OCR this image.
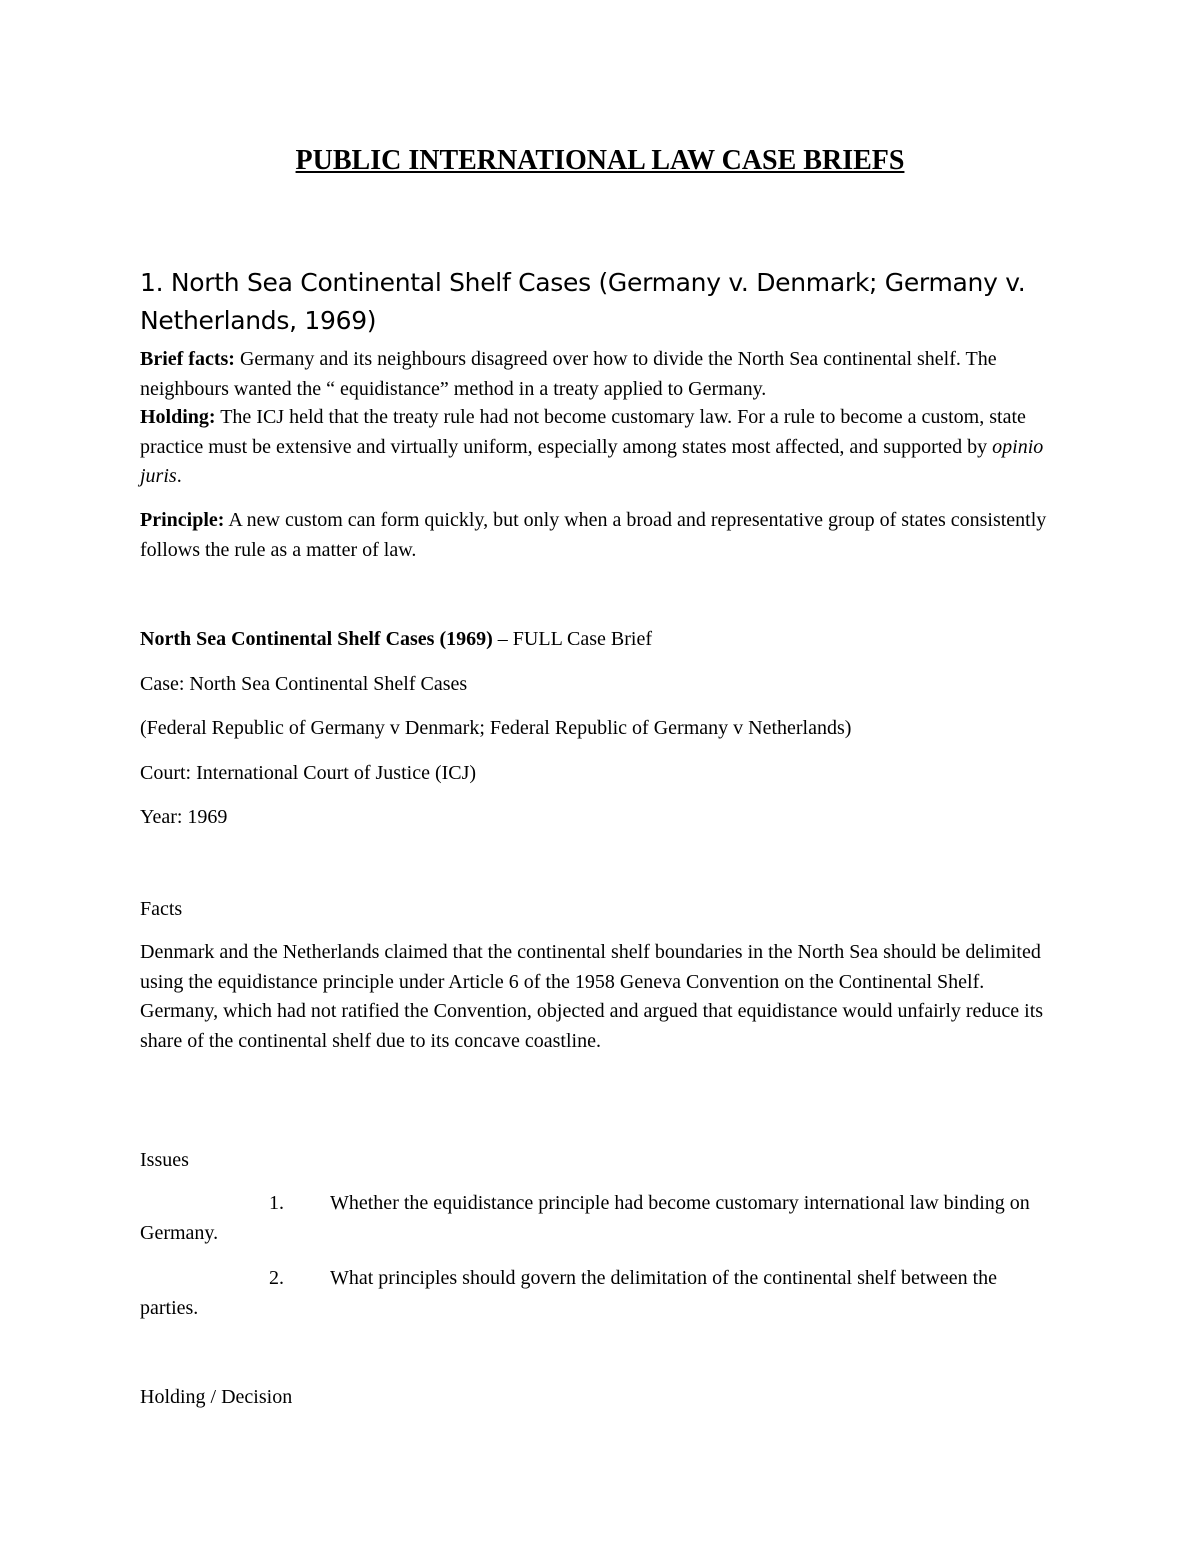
PUBLIC INTERNATIONAL LAW CASE BRIEFS
1. North Sea Continental Shelf Cases (Germany v. Denmark; Germany v. Netherlands, 1969)

Brief facts: Germany and its neighbours disagreed over how to divide the North Sea continental shelf. The neighbours wanted the “ equidistance” method in a treaty applied to Germany.

Holding: The ICJ held that the treaty rule had not become customary law. For a rule to become a custom, state practice must be extensive and virtually uniform, especially among states most affected, and supported by opinio juris.

Principle: A new custom can form quickly, but only when a broad and representative group of states consistently follows the rule as a matter of law.

North Sea Continental Shelf Cases (1969) – FULL Case Brief

Case: North Sea Continental Shelf Cases

(Federal Republic of Germany v Denmark; Federal Republic of Germany v Netherlands)

Court: International Court of Justice (ICJ)

Year: 1969

Facts

Denmark and the Netherlands claimed that the continental shelf boundaries in the North Sea should be delimited using the equidistance principle under Article 6 of the 1958 Geneva Convention on the Continental Shelf. Germany, which had not ratified the Convention, objected and argued that equidistance would unfairly reduce its share of the continental shelf due to its concave coastline.

Issues

1. Whether the equidistance principle had become customary international law binding on Germany.

2. What principles should govern the delimitation of the continental shelf between the parties.

Holding / Decision
